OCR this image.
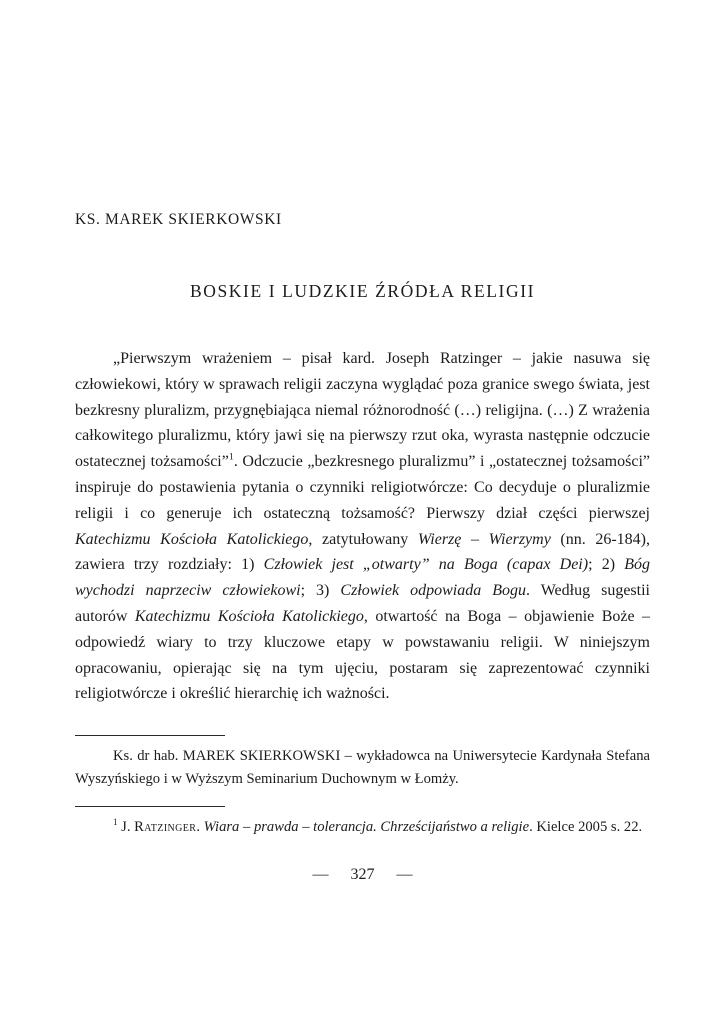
KS. MAREK SKIERKOWSKI
BOSKIE I LUDZKIE ŹRÓDŁA RELIGII

„Pierwszym wrażeniem – pisał kard. Joseph Ratzinger – jakie nasuwa się człowiekowi, który w sprawach religii zaczyna wyglądać poza granice swego świata, jest bezkresny pluralizm, przygnębiająca niemal różnorodność (…) religijna. (…) Z wrażenia całkowitego pluralizmu, który jawi się na pierwszy rzut oka, wyrasta następnie odczucie ostatecznej tożsamości”$^1$. Odczucie „bezkresnego pluralizmu” i „ostatecznej tożsamości” inspiruje do postawienia pytania o czynniki religiotwórcze: Co decyduje o pluralizmie religii i co generuje ich ostateczną tożsamość? Pierwszy dział części pierwszej Katechizmu Kościoła Katolickiego, zatytułowany Wierzę – Wierzymy (nn. 26-184), zawiera trzy rozdziały: 1) Człowiek jest „otwarty” na Boga (capax Dei); 2) Bóg wychodzi naprzeciw człowiekowi; 3) Człowiek odpowiada Bogu. Według sugestii autorów Katechizmu Kościoła Katolickiego, otwartość na Boga – objawienie Boże – odpowiedź wiary to trzy kluczowe etapy w powstawaniu religii. W niniejszym opracowaniu, opierając się na tym ujęciu, postaram się zaprezentować czynniki religiotwórcze i określić hierarchię ich ważności.

Ks. dr hab. MAREK SKIERKOWSKI – wykładowca na Uniwersytecie Kardynała Stefana Wyszyńskiego i w Wyższym Seminarium Duchownym w Łomży.

$^1$ J. Ratzinger. Wiara – prawda – tolerancja. Chrześcijaństwo a religie. Kielce 2005 s. 22.

— 327 —
